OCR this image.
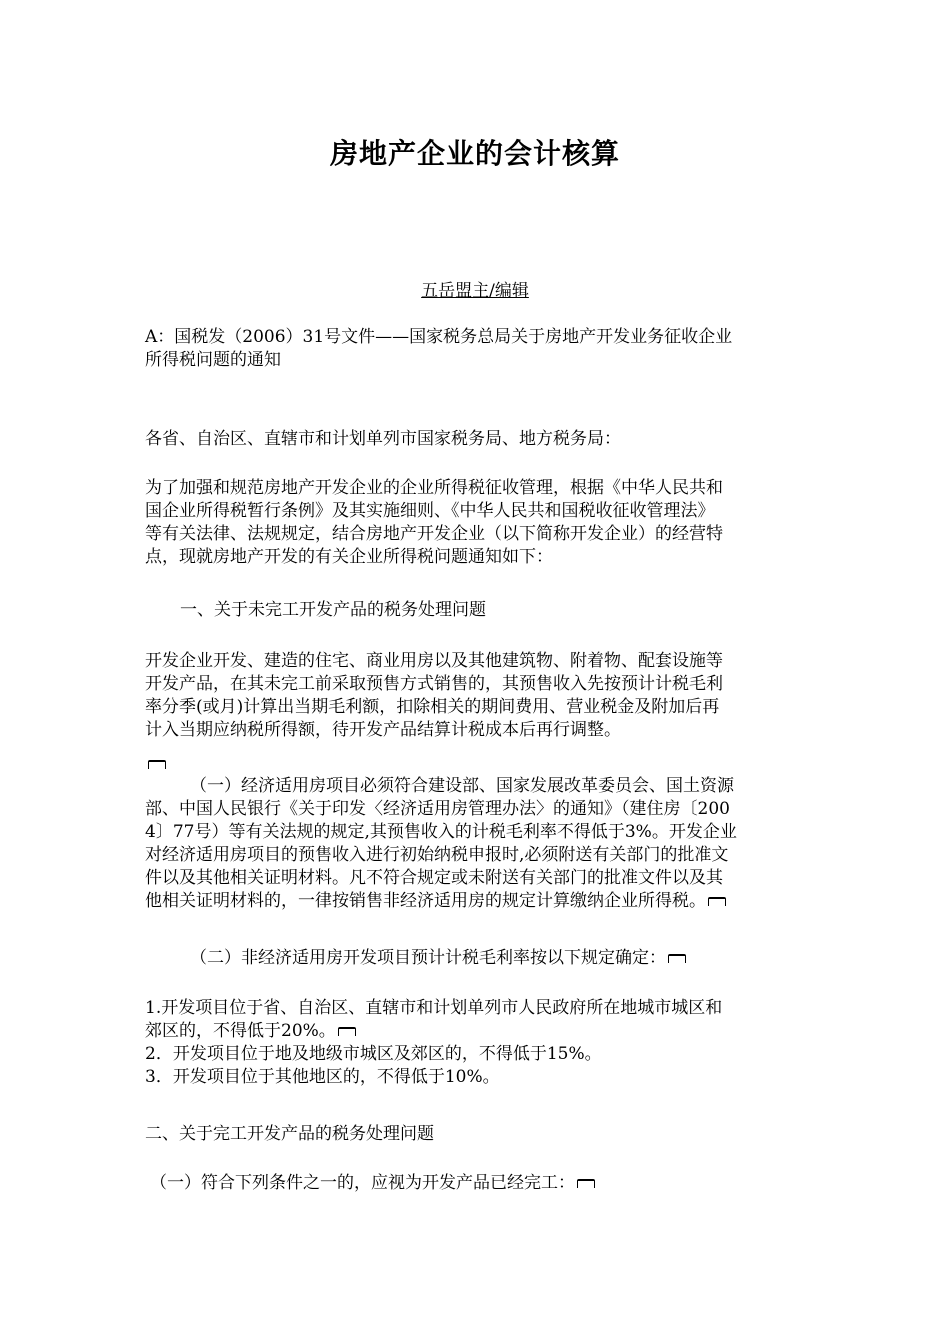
房地产企业的会计核算
五岳盟主/编辑
A：国税发（2006）31号文件——国家税务总局关于房地产开发业务征收企业
所得税问题的通知
各省、自治区、直辖市和计划单列市国家税务局、地方税务局：
为了加强和规范房地产开发企业的企业所得税征收管理，根据《中华人民共和
国企业所得税暂行条例》及其实施细则、《中华人民共和国税收征收管理法》
等有关法律、法规规定，结合房地产开发企业（以下简称开发企业）的经营特
点，现就房地产开发的有关企业所得税问题通知如下：
一、关于未完工开发产品的税务处理问题
开发企业开发、建造的住宅、商业用房以及其他建筑物、附着物、配套设施等
开发产品，在其未完工前采取预售方式销售的，其预售收入先按预计计税毛利
率分季(或月)计算出当期毛利额，扣除相关的期间费用、营业税金及附加后再
计入当期应纳税所得额，待开发产品结算计税成本后再行调整。
（一）经济适用房项目必须符合建设部、国家发展改革委员会、国土资源
部、中国人民银行《关于印发〈经济适用房管理办法〉的通知》（建住房〔200
4〕77号）等有关法规的规定,其预售收入的计税毛利率不得低于3%。开发企业
对经济适用房项目的预售收入进行初始纳税申报时,必须附送有关部门的批准文
件以及其他相关证明材料。凡不符合规定或未附送有关部门的批准文件以及其
他相关证明材料的，一律按销售非经济适用房的规定计算缴纳企业所得税。
（二）非经济适用房开发项目预计计税毛利率按以下规定确定：
1.开发项目位于省、自治区、直辖市和计划单列市人民政府所在地城市城区和
郊区的，不得低于20%。
2．开发项目位于地及地级市城区及郊区的，不得低于15%。
3．开发项目位于其他地区的，不得低于10%。
二、关于完工开发产品的税务处理问题
（一）符合下列条件之一的，应视为开发产品已经完工：
